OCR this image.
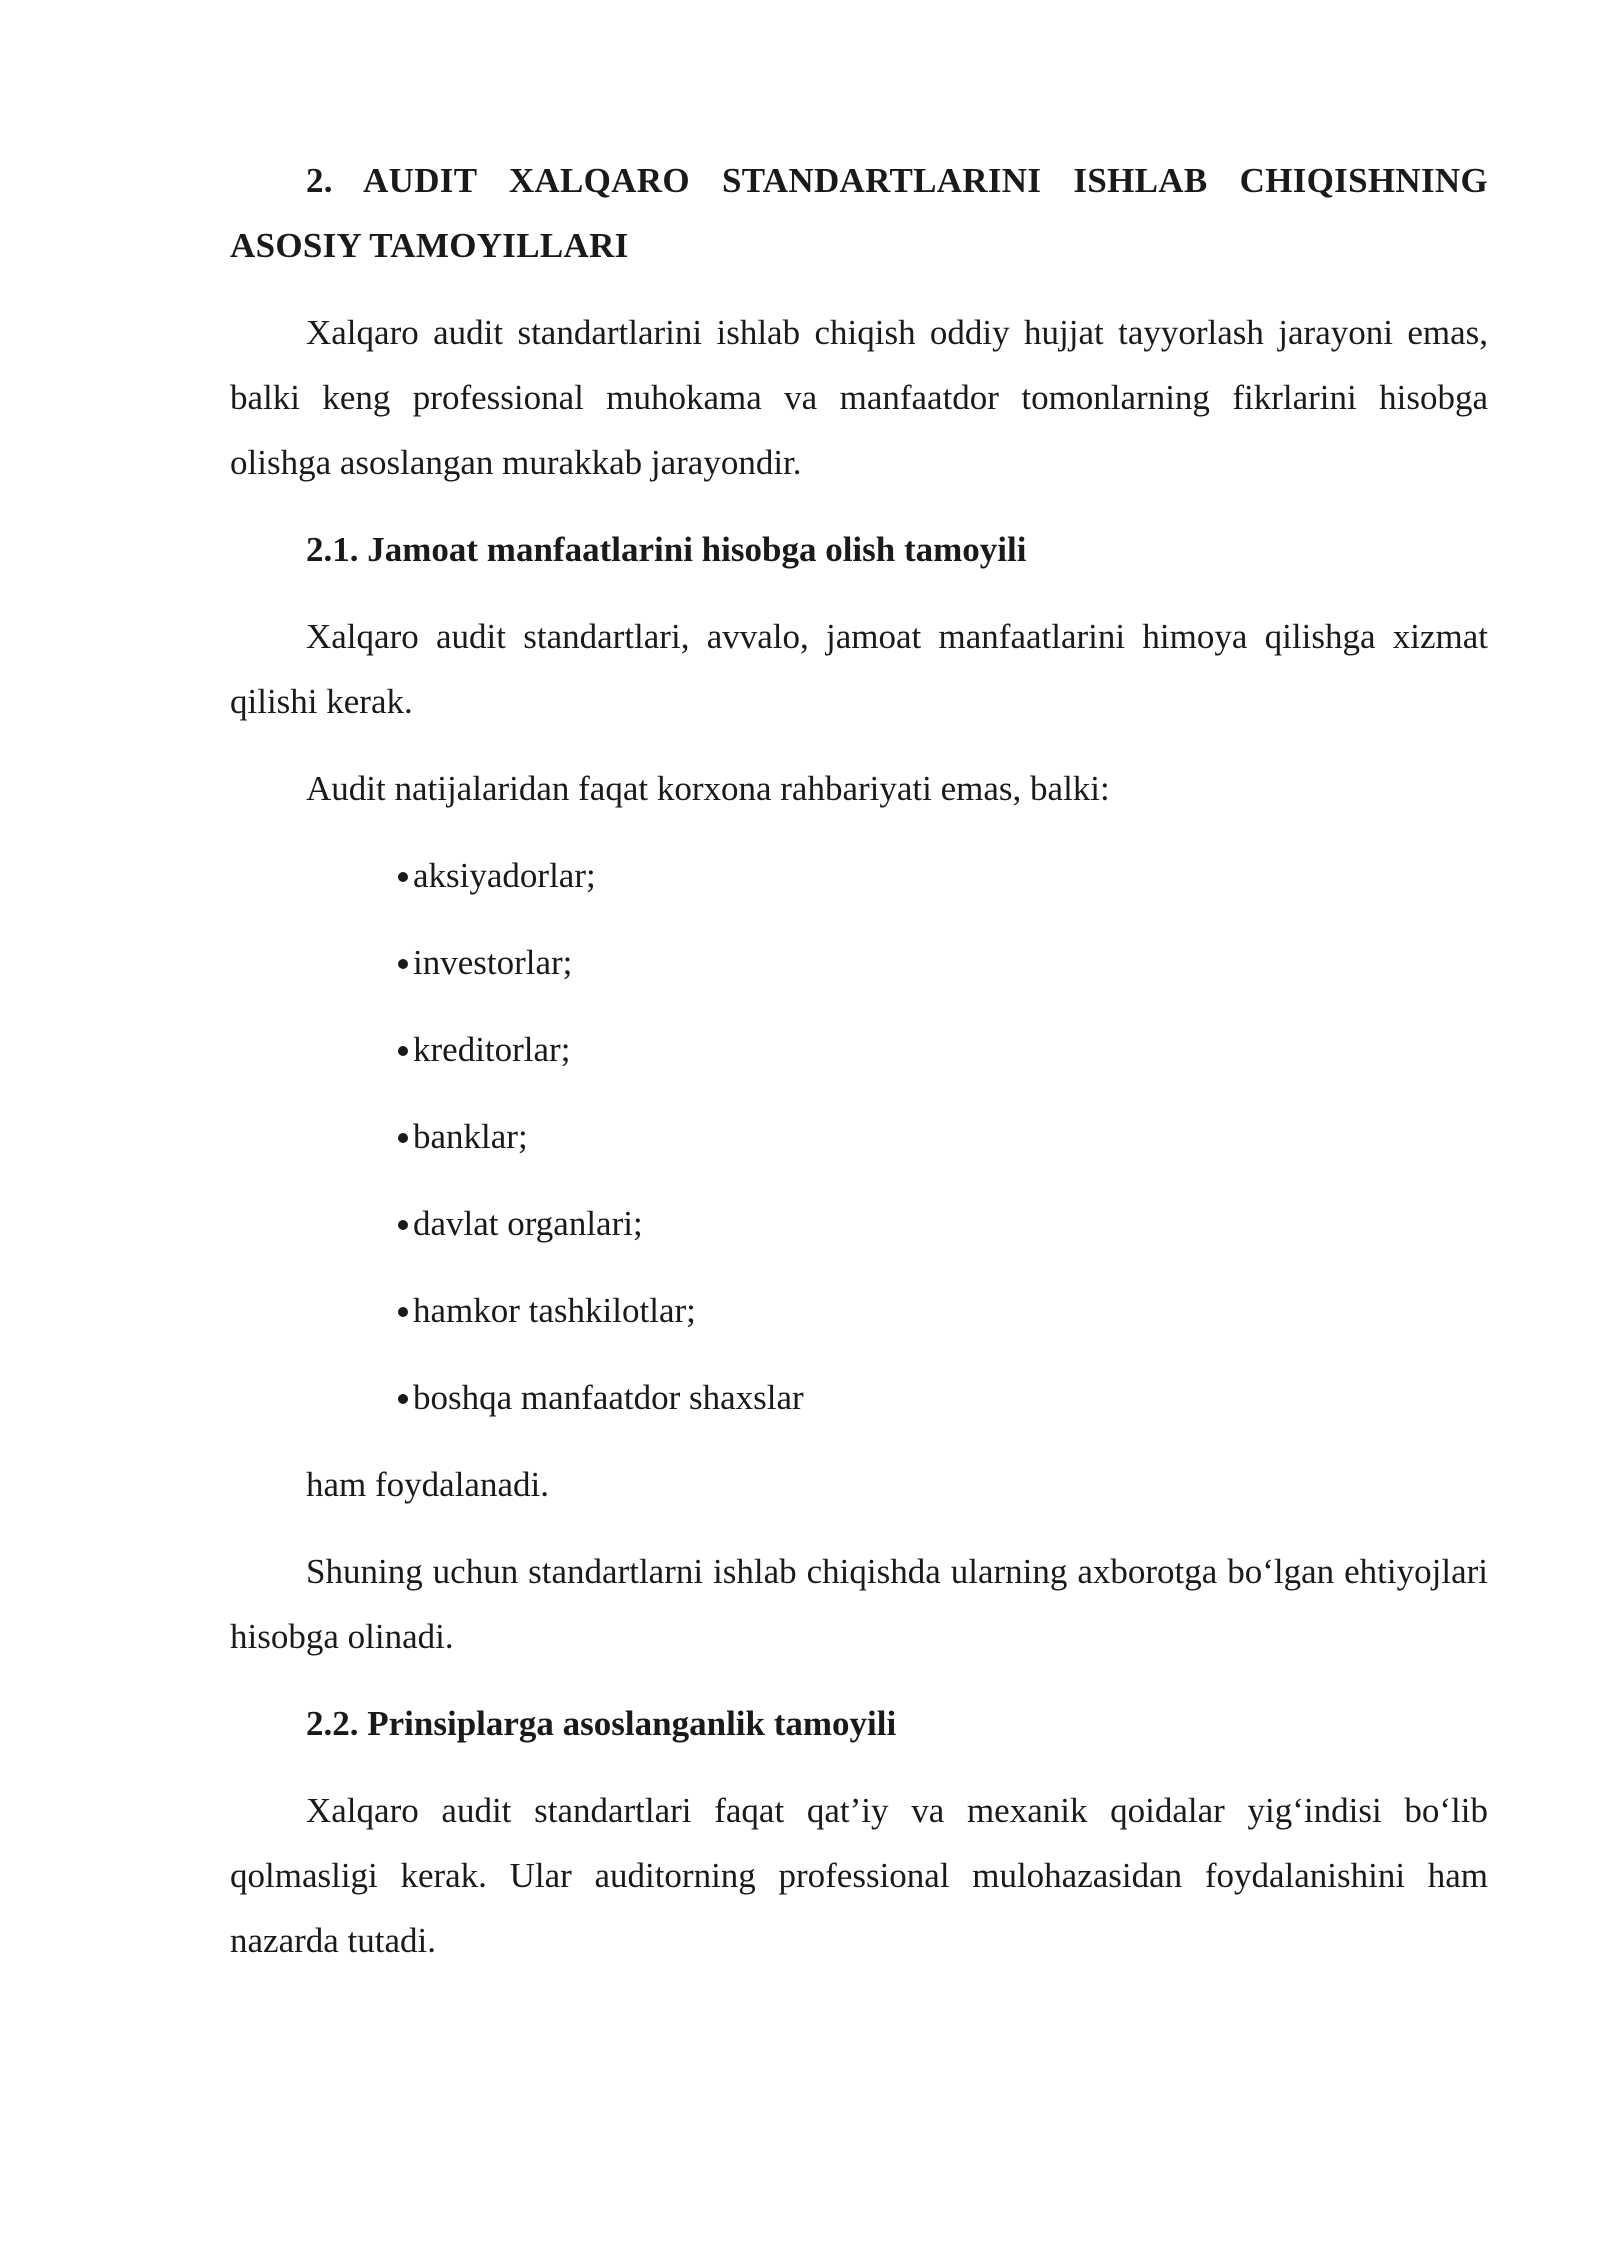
2. AUDIT XALQARO STANDARTLARINI ISHLAB CHIQISHNING ASOSIY TAMOYILLARI

Xalqaro audit standartlarini ishlab chiqish oddiy hujjat tayyorlash jarayoni emas, balki keng professional muhokama va manfaatdor tomonlarning fikrlarini hisobga olishga asoslangan murakkab jarayondir.

2.1. Jamoat manfaatlarini hisobga olish tamoyili

Xalqaro audit standartlari, avvalo, jamoat manfaatlarini himoya qilishga xizmat qilishi kerak.

Audit natijalaridan faqat korxona rahbariyati emas, balki:

aksiyadorlar;
investorlar;
kreditorlar;
banklar;
davlat organlari;
hamkor tashkilotlar;
boshqa manfaatdor shaxslar

ham foydalanadi.

Shuning uchun standartlarni ishlab chiqishda ularning axborotga bo‘lgan ehtiyojlari hisobga olinadi.

2.2. Prinsiplarga asoslanganlik tamoyili

Xalqaro audit standartlari faqat qat’iy va mexanik qoidalar yig‘indisi bo‘lib qolmasligi kerak. Ular auditorning professional mulohazasidan foydalanishini ham nazarda tutadi.
